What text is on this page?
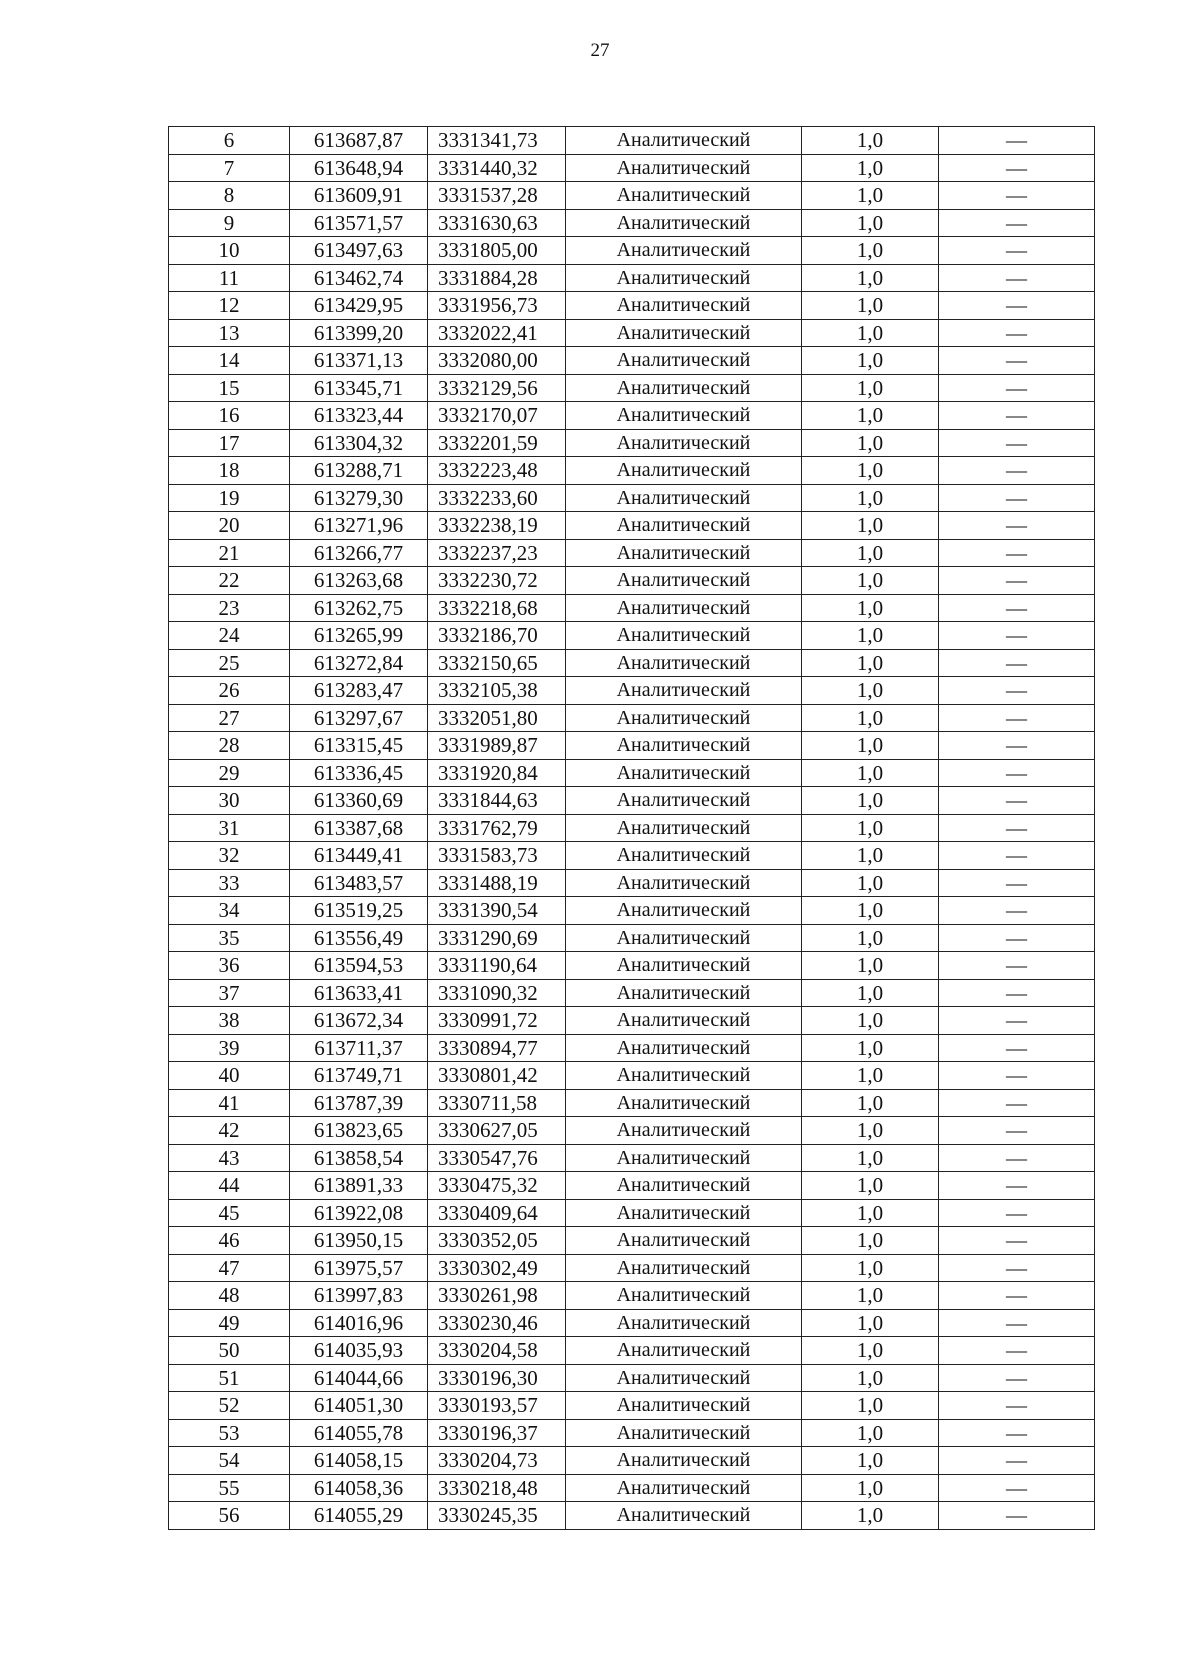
27
6	613687,87	3331341,73	Аналитический	1,0	—
7	613648,94	3331440,32	Аналитический	1,0	—
8	613609,91	3331537,28	Аналитический	1,0	—
9	613571,57	3331630,63	Аналитический	1,0	—
10	613497,63	3331805,00	Аналитический	1,0	—
11	613462,74	3331884,28	Аналитический	1,0	—
12	613429,95	3331956,73	Аналитический	1,0	—
13	613399,20	3332022,41	Аналитический	1,0	—
14	613371,13	3332080,00	Аналитический	1,0	—
15	613345,71	3332129,56	Аналитический	1,0	—
16	613323,44	3332170,07	Аналитический	1,0	—
17	613304,32	3332201,59	Аналитический	1,0	—
18	613288,71	3332223,48	Аналитический	1,0	—
19	613279,30	3332233,60	Аналитический	1,0	—
20	613271,96	3332238,19	Аналитический	1,0	—
21	613266,77	3332237,23	Аналитический	1,0	—
22	613263,68	3332230,72	Аналитический	1,0	—
23	613262,75	3332218,68	Аналитический	1,0	—
24	613265,99	3332186,70	Аналитический	1,0	—
25	613272,84	3332150,65	Аналитический	1,0	—
26	613283,47	3332105,38	Аналитический	1,0	—
27	613297,67	3332051,80	Аналитический	1,0	—
28	613315,45	3331989,87	Аналитический	1,0	—
29	613336,45	3331920,84	Аналитический	1,0	—
30	613360,69	3331844,63	Аналитический	1,0	—
31	613387,68	3331762,79	Аналитический	1,0	—
32	613449,41	3331583,73	Аналитический	1,0	—
33	613483,57	3331488,19	Аналитический	1,0	—
34	613519,25	3331390,54	Аналитический	1,0	—
35	613556,49	3331290,69	Аналитический	1,0	—
36	613594,53	3331190,64	Аналитический	1,0	—
37	613633,41	3331090,32	Аналитический	1,0	—
38	613672,34	3330991,72	Аналитический	1,0	—
39	613711,37	3330894,77	Аналитический	1,0	—
40	613749,71	3330801,42	Аналитический	1,0	—
41	613787,39	3330711,58	Аналитический	1,0	—
42	613823,65	3330627,05	Аналитический	1,0	—
43	613858,54	3330547,76	Аналитический	1,0	—
44	613891,33	3330475,32	Аналитический	1,0	—
45	613922,08	3330409,64	Аналитический	1,0	—
46	613950,15	3330352,05	Аналитический	1,0	—
47	613975,57	3330302,49	Аналитический	1,0	—
48	613997,83	3330261,98	Аналитический	1,0	—
49	614016,96	3330230,46	Аналитический	1,0	—
50	614035,93	3330204,58	Аналитический	1,0	—
51	614044,66	3330196,30	Аналитический	1,0	—
52	614051,30	3330193,57	Аналитический	1,0	—
53	614055,78	3330196,37	Аналитический	1,0	—
54	614058,15	3330204,73	Аналитический	1,0	—
55	614058,36	3330218,48	Аналитический	1,0	—
56	614055,29	3330245,35	Аналитический	1,0	—
